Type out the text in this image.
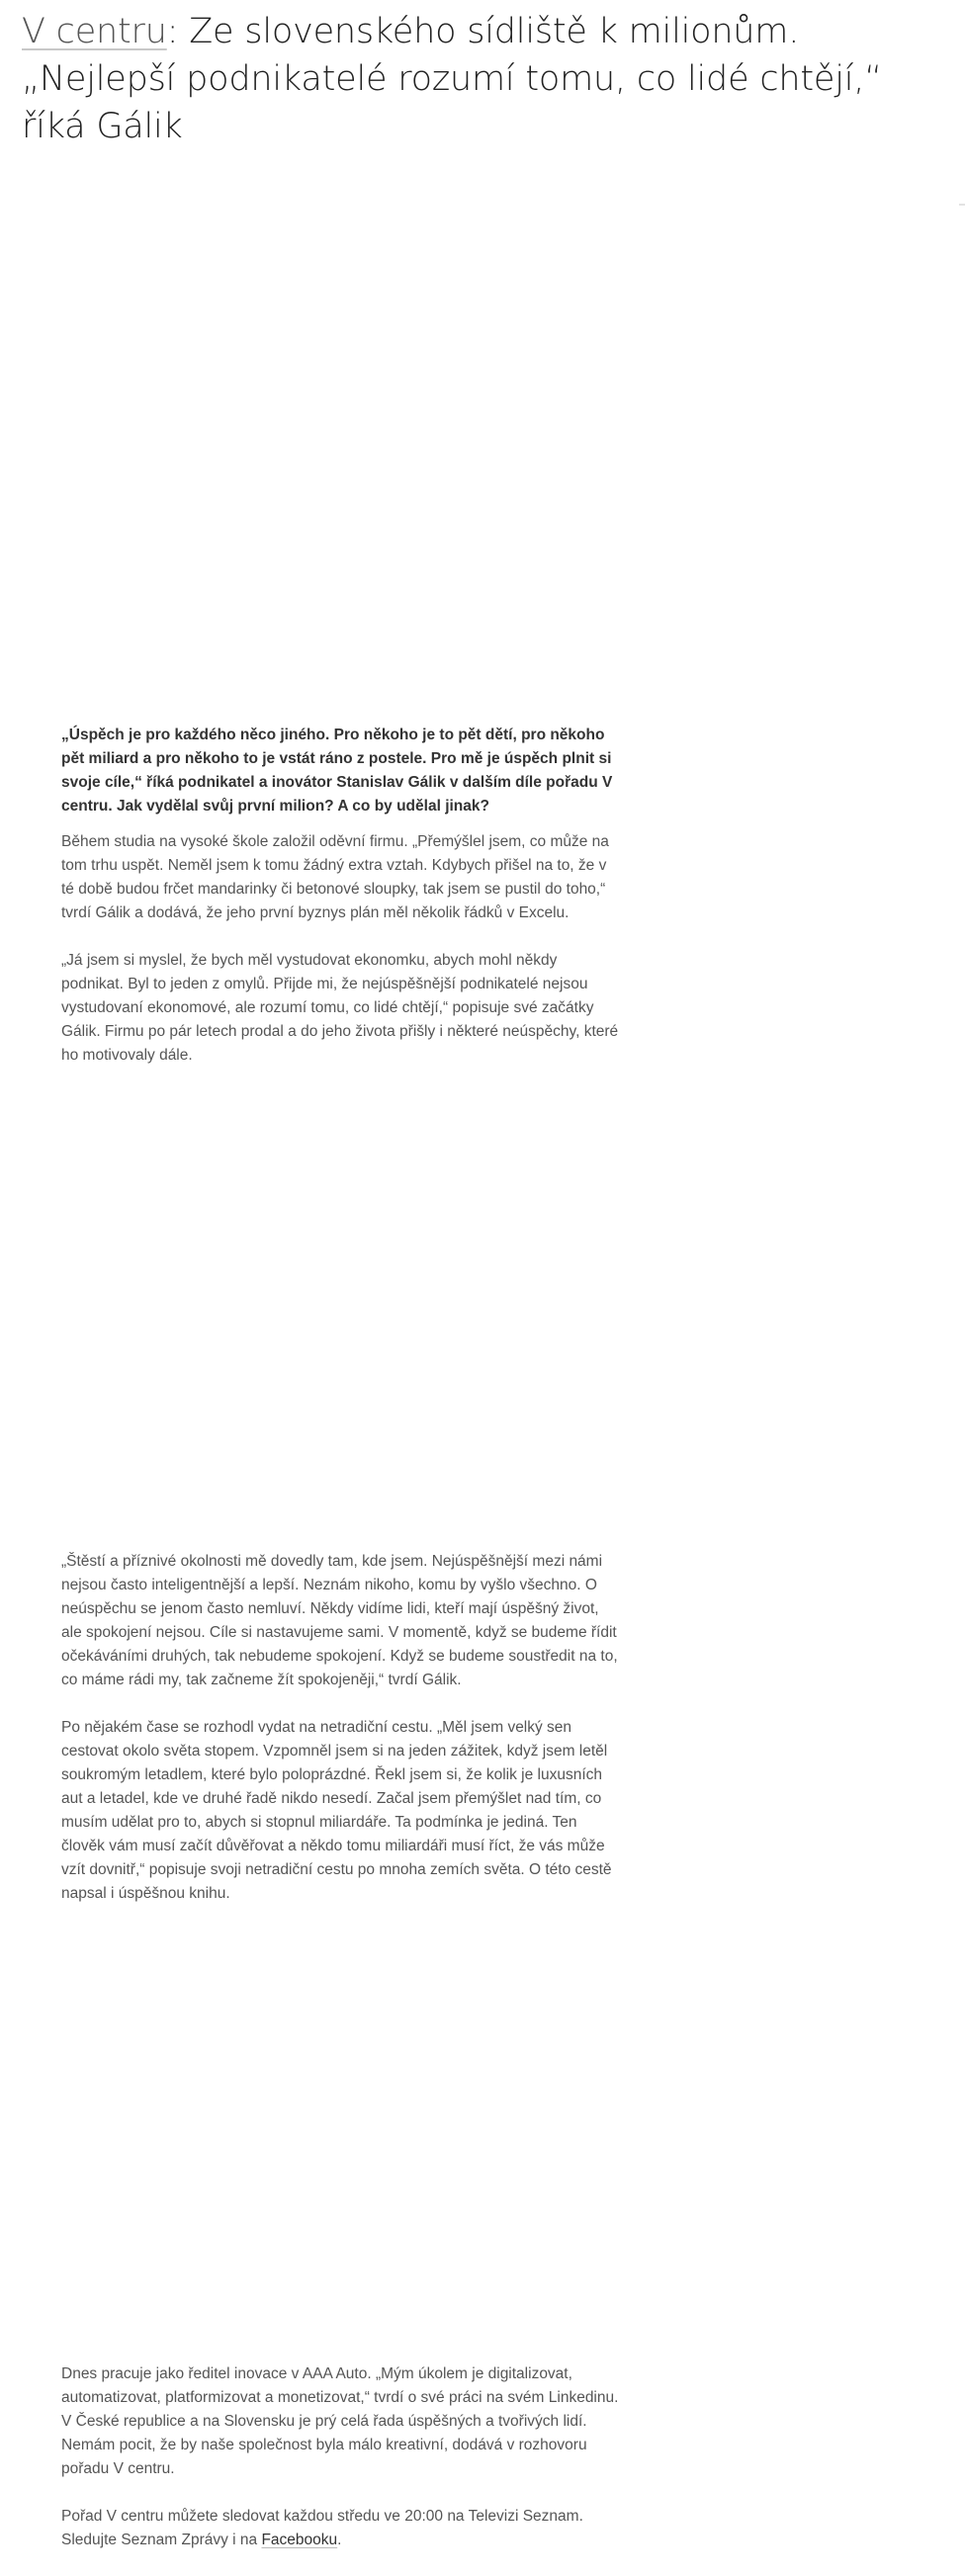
V centru: Ze slovenského sídliště k milionům. „Nejlepší podnikatelé rozumí tomu, co lidé chtějí,“ říká Gálik

„Úspěch je pro každého něco jiného. Pro někoho je to pět dětí, pro někoho pět miliard a pro někoho to je vstát ráno z postele. Pro mě je úspěch plnit si svoje cíle,“ říká podnikatel a inovátor Stanislav Gálik v dalším díle pořadu V centru. Jak vydělal svůj první milion? A co by udělal jinak?

Během studia na vysoké škole založil oděvní firmu. „Přemýšlel jsem, co může na tom trhu uspět. Neměl jsem k tomu žádný extra vztah. Kdybych přišel na to, že v té době budou frčet mandarinky či betonové sloupky, tak jsem se pustil do toho,“ tvrdí Gálik a dodává, že jeho první byznys plán měl několik řádků v Excelu.

„Já jsem si myslel, že bych měl vystudovat ekonomku, abych mohl někdy podnikat. Byl to jeden z omylů. Přijde mi, že nejúspěšnější podnikatelé nejsou vystudovaní ekonomové, ale rozumí tomu, co lidé chtějí,“ popisuje své začátky Gálik. Firmu po pár letech prodal a do jeho života přišly i některé neúspěchy, které ho motivovaly dále.

„Štěstí a příznivé okolnosti mě dovedly tam, kde jsem. Nejúspěšnější mezi námi nejsou často inteligentnější a lepší. Neznám nikoho, komu by vyšlo všechno. O neúspěchu se jenom často nemluví. Někdy vidíme lidi, kteří mají úspěšný život, ale spokojení nejsou. Cíle si nastavujeme sami. V momentě, když se budeme řídit očekáváními druhých, tak nebudeme spokojení. Když se budeme soustředit na to, co máme rádi my, tak začneme žít spokojeněji,“ tvrdí Gálik.

Po nějakém čase se rozhodl vydat na netradiční cestu. „Měl jsem velký sen cestovat okolo světa stopem. Vzpomněl jsem si na jeden zážitek, když jsem letěl soukromým letadlem, které bylo poloprázdné. Řekl jsem si, že kolik je luxusních aut a letadel, kde ve druhé řadě nikdo nesedí. Začal jsem přemýšlet nad tím, co musím udělat pro to, abych si stopnul miliardáře. Ta podmínka je jediná. Ten člověk vám musí začít důvěřovat a někdo tomu miliardáři musí říct, že vás může vzít dovnitř,“ popisuje svoji netradiční cestu po mnoha zemích světa. O této cestě napsal i úspěšnou knihu.

Dnes pracuje jako ředitel inovace v AAA Auto. „Mým úkolem je digitalizovat, automatizovat, platformizovat a monetizovat,“ tvrdí o své práci na svém Linkedinu. V České republice a na Slovensku je prý celá řada úspěšných a tvořivých lidí. Nemám pocit, že by naše společnost byla málo kreativní, dodává v rozhovoru pořadu V centru.

Pořad V centru můžete sledovat každou středu ve 20:00 na Televizi Seznam. Sledujte Seznam Zprávy i na Facebooku.
